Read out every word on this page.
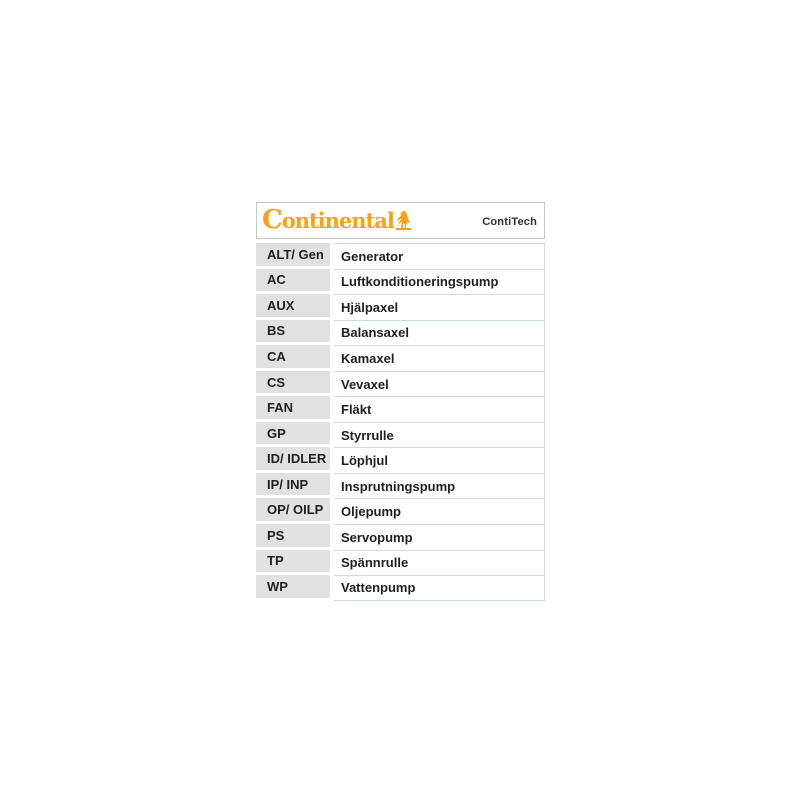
Continental	ContiTech
ALT/ Gen	Generator
AC	Luftkonditioneringspump
AUX	Hjälpaxel
BS	Balansaxel
CA	Kamaxel
CS	Vevaxel
FAN	Fläkt
GP	Styrrulle
ID/ IDLER	Löphjul
IP/ INP	Insprutningspump
OP/ OILP	Oljepump
PS	Servopump
TP	Spännrulle
WP	Vattenpump
